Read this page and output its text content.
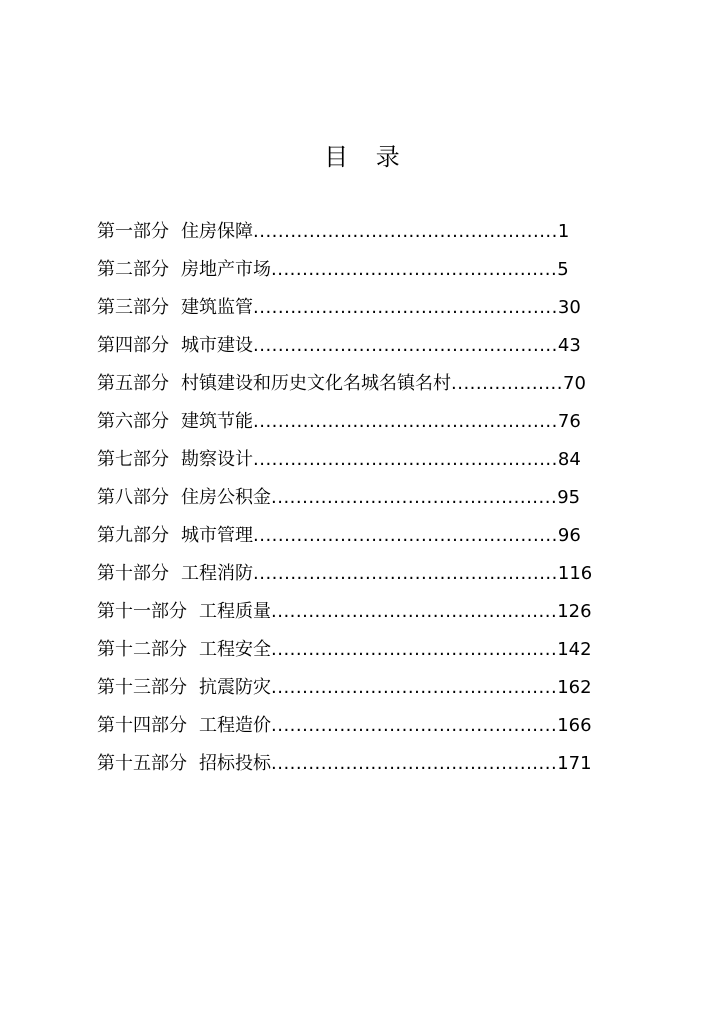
目 录
第一部分 住房保障.................................................1
第二部分 房地产市场..............................................5
第三部分 建筑监管.................................................30
第四部分 城市建设.................................................43
第五部分 村镇建设和历史文化名城名镇名村..................70
第六部分 建筑节能.................................................76
第七部分 勘察设计.................................................84
第八部分 住房公积金..............................................95
第九部分 城市管理.................................................96
第十部分 工程消防.................................................116
第十一部分 工程质量..............................................126
第十二部分 工程安全..............................................142
第十三部分 抗震防灾..............................................162
第十四部分 工程造价..............................................166
第十五部分 招标投标..............................................171
